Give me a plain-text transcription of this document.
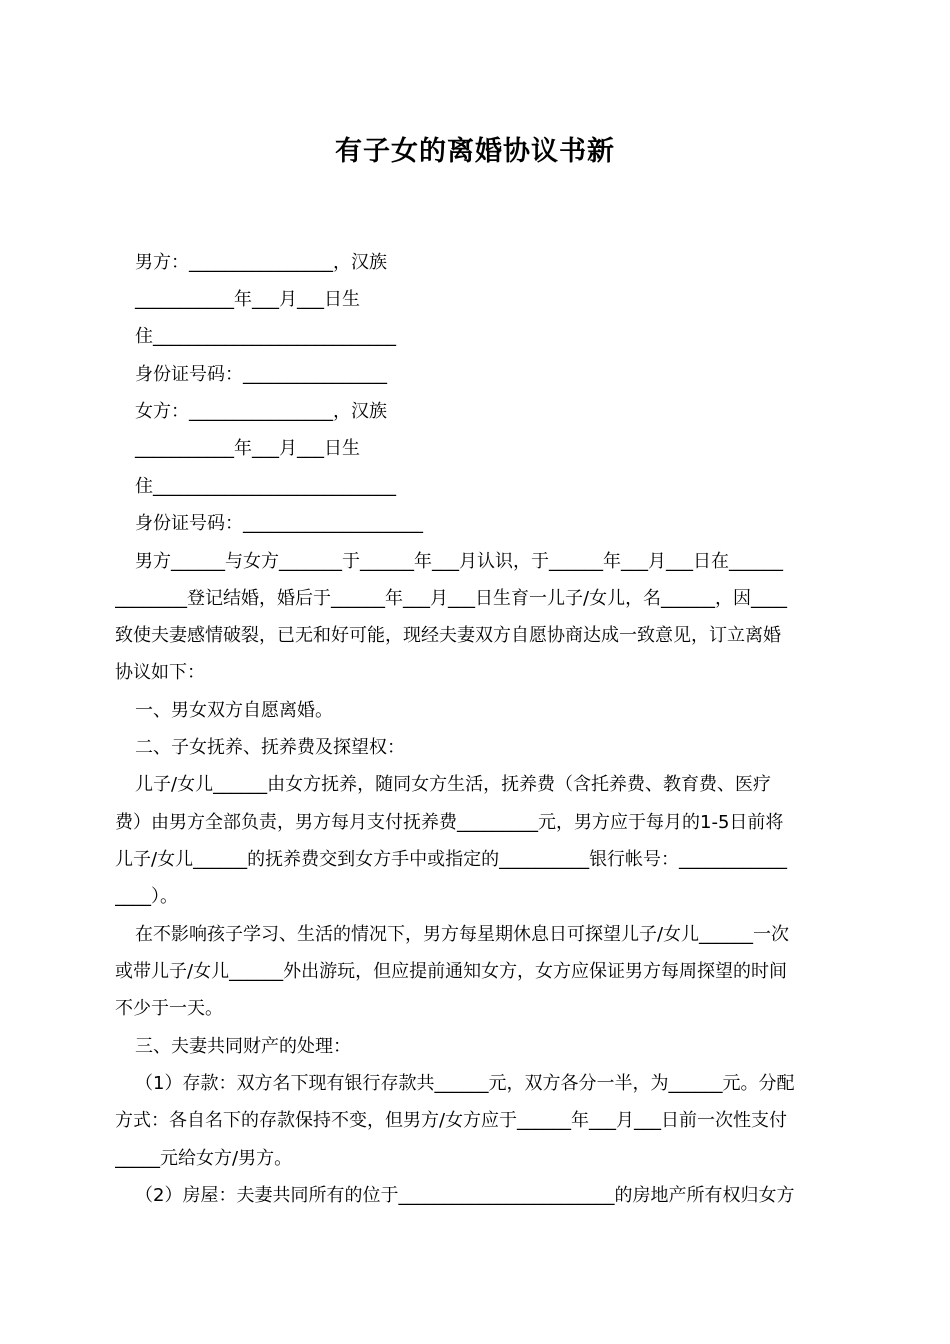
有子女的离婚协议书新
男方：________________，汉族
___________年___月___日生
住___________________________
身份证号码：________________
女方：________________，汉族
___________年___月___日生
住___________________________
身份证号码：____________________
男方______与女方_______于______年___月认识，于______年___月___日在______
________登记结婚，婚后于______年___月___日生育一儿子/女儿，名______，因____
致使夫妻感情破裂，已无和好可能，现经夫妻双方自愿协商达成一致意见，订立离婚
协议如下：
一、男女双方自愿离婚。
二、子女抚养、抚养费及探望权：
儿子/女儿______由女方抚养，随同女方生活，抚养费（含托养费、教育费、医疗
费）由男方全部负责，男方每月支付抚养费_________元，男方应于每月的1-5日前将
儿子/女儿______的抚养费交到女方手中或指定的__________银行帐号：____________
____）。
在不影响孩子学习、生活的情况下，男方每星期休息日可探望儿子/女儿______一次
或带儿子/女儿______外出游玩，但应提前通知女方，女方应保证男方每周探望的时间
不少于一天。
三、夫妻共同财产的处理：
（1）存款：双方名下现有银行存款共______元，双方各分一半，为______元。分配
方式：各自名下的存款保持不变，但男方/女方应于______年___月___日前一次性支付
_____元给女方/男方。
（2）房屋：夫妻共同所有的位于________________________的房地产所有权归女方
